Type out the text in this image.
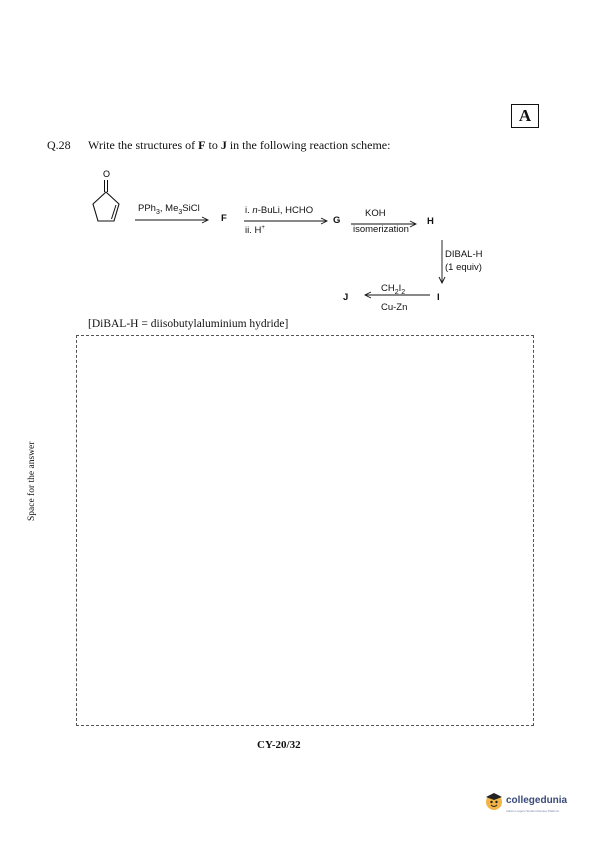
A
Q.28 Write the structures of F to J in the following reaction scheme:
O
PPh$_3$, $Me_3SiCl$
F
i. n-BuLi, HCHO
ii. H+
G
KOH
isomerization
H
DIBAL-H
(1 equiv)
I
$CH_2I_2$
Cu-Zn
J
[DiBAL-H = diisobutylaluminium hydride]
Space for the answer
CY-20/32
collegedunia
India's Largest Student Review Platform
